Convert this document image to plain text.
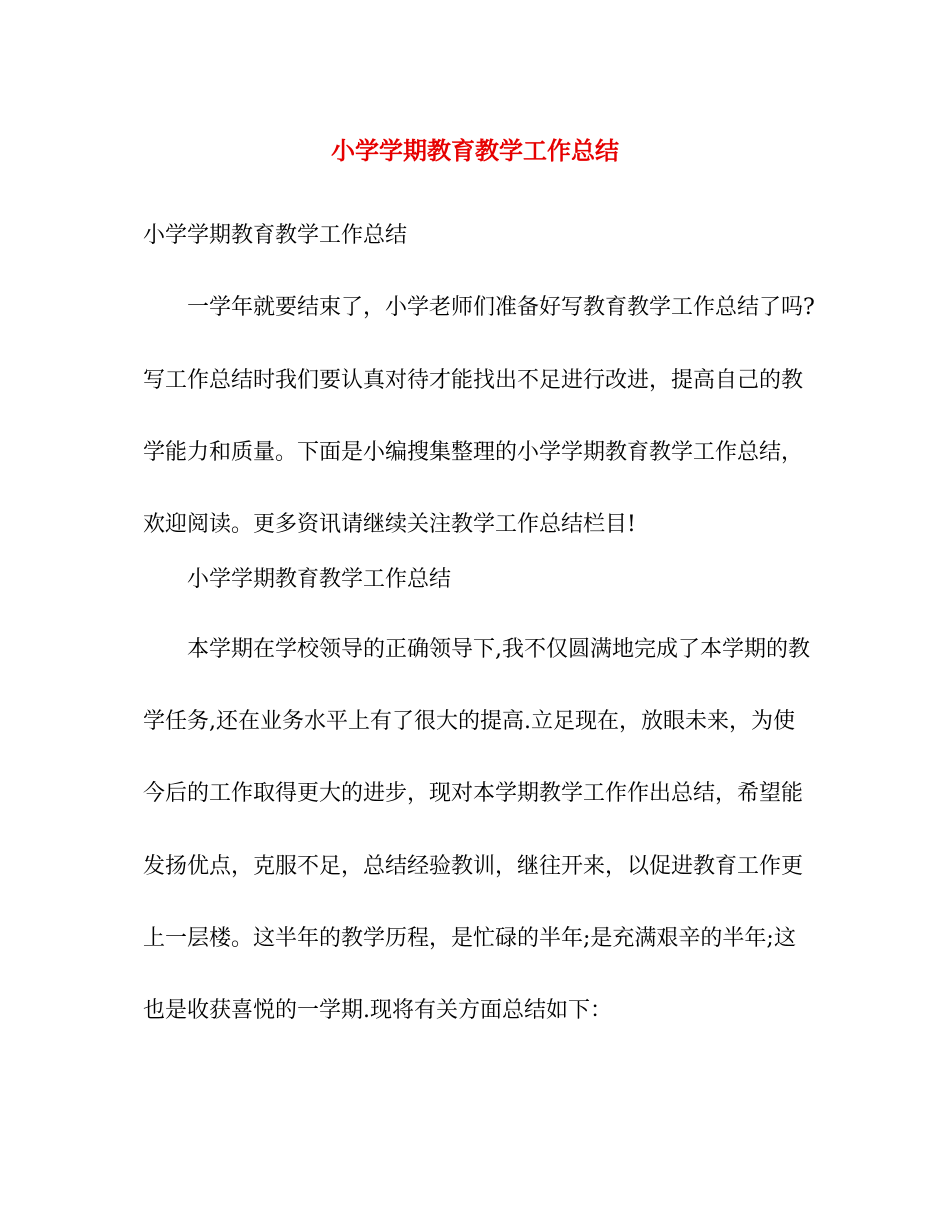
小学学期教育教学工作总结
小学学期教育教学工作总结
一学年就要结束了，小学老师们准备好写教育教学工作总结了吗?
写工作总结时我们要认真对待才能找出不足进行改进，提高自己的教
学能力和质量。下面是小编搜集整理的小学学期教育教学工作总结，
欢迎阅读。更多资讯请继续关注教学工作总结栏目!
小学学期教育教学工作总结
本学期在学校领导的正确领导下,我不仅圆满地完成了本学期的教
学任务,还在业务水平上有了很大的提高.立足现在，放眼未来，为使
今后的工作取得更大的进步，现对本学期教学工作作出总结，希望能
发扬优点，克服不足，总结经验教训，继往开来，以促进教育工作更
上一层楼。这半年的教学历程，是忙碌的半年;是充满艰辛的半年;这
也是收获喜悦的一学期.现将有关方面总结如下：
